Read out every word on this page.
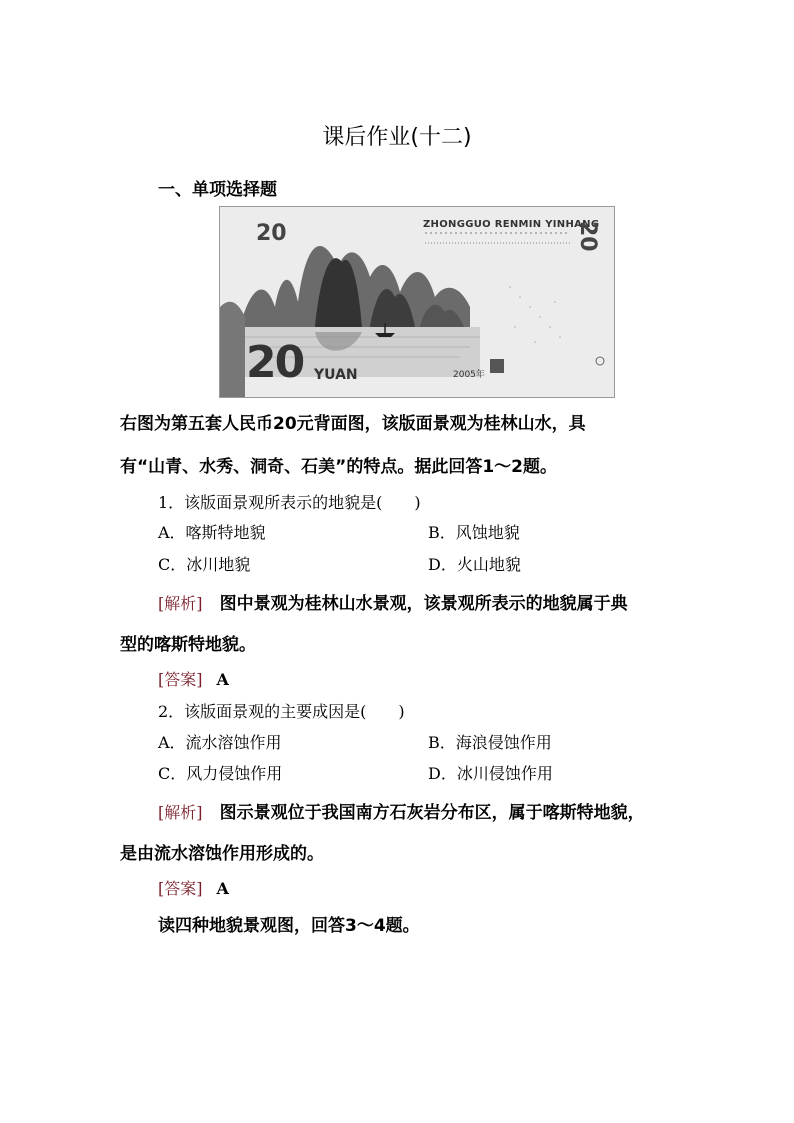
课后作业(十二)
一、单项选择题
ZHONGGUO RENMIN YINHANG
20
20 YUAN	2005年
20
右图为第五套人民币20元背面图，该版面景观为桂林山水，具
有“山青、水秀、洞奇、石美”的特点。据此回答1～2题。
1．该版面景观所表示的地貌是(　　)
A．喀斯特地貌	B．风蚀地貌
C．冰川地貌	D．火山地貌
[解析] 图中景观为桂林山水景观，该景观所表示的地貌属于典
型的喀斯特地貌。
[答案] A
2．该版面景观的主要成因是(　　)
A．流水溶蚀作用	B．海浪侵蚀作用
C．风力侵蚀作用	D．冰川侵蚀作用
[解析] 图示景观位于我国南方石灰岩分布区，属于喀斯特地貌，
是由流水溶蚀作用形成的。
[答案] A
读四种地貌景观图，回答3～4题。
